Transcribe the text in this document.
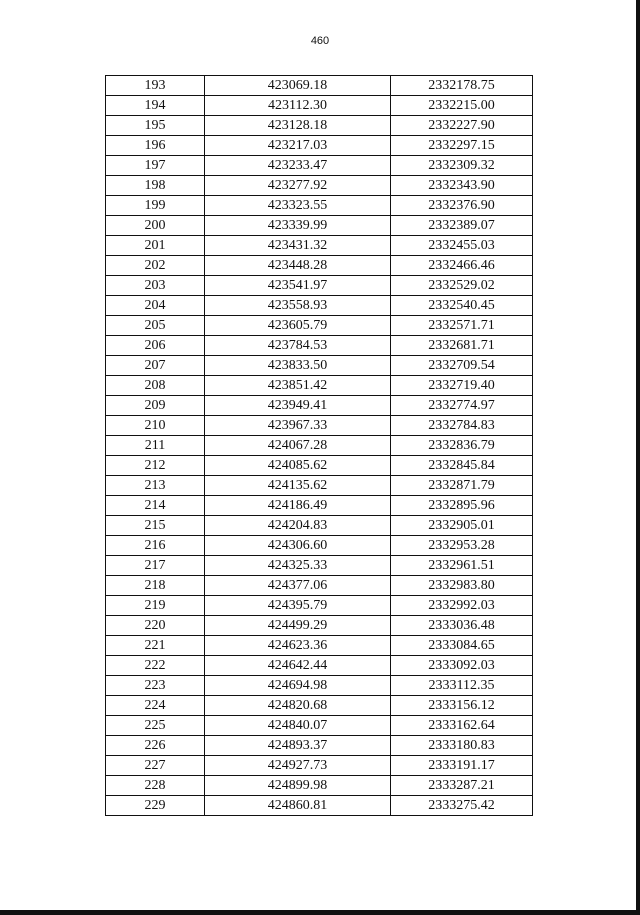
460
193	423069.18	2332178.75
194	423112.30	2332215.00
195	423128.18	2332227.90
196	423217.03	2332297.15
197	423233.47	2332309.32
198	423277.92	2332343.90
199	423323.55	2332376.90
200	423339.99	2332389.07
201	423431.32	2332455.03
202	423448.28	2332466.46
203	423541.97	2332529.02
204	423558.93	2332540.45
205	423605.79	2332571.71
206	423784.53	2332681.71
207	423833.50	2332709.54
208	423851.42	2332719.40
209	423949.41	2332774.97
210	423967.33	2332784.83
211	424067.28	2332836.79
212	424085.62	2332845.84
213	424135.62	2332871.79
214	424186.49	2332895.96
215	424204.83	2332905.01
216	424306.60	2332953.28
217	424325.33	2332961.51
218	424377.06	2332983.80
219	424395.79	2332992.03
220	424499.29	2333036.48
221	424623.36	2333084.65
222	424642.44	2333092.03
223	424694.98	2333112.35
224	424820.68	2333156.12
225	424840.07	2333162.64
226	424893.37	2333180.83
227	424927.73	2333191.17
228	424899.98	2333287.21
229	424860.81	2333275.42
